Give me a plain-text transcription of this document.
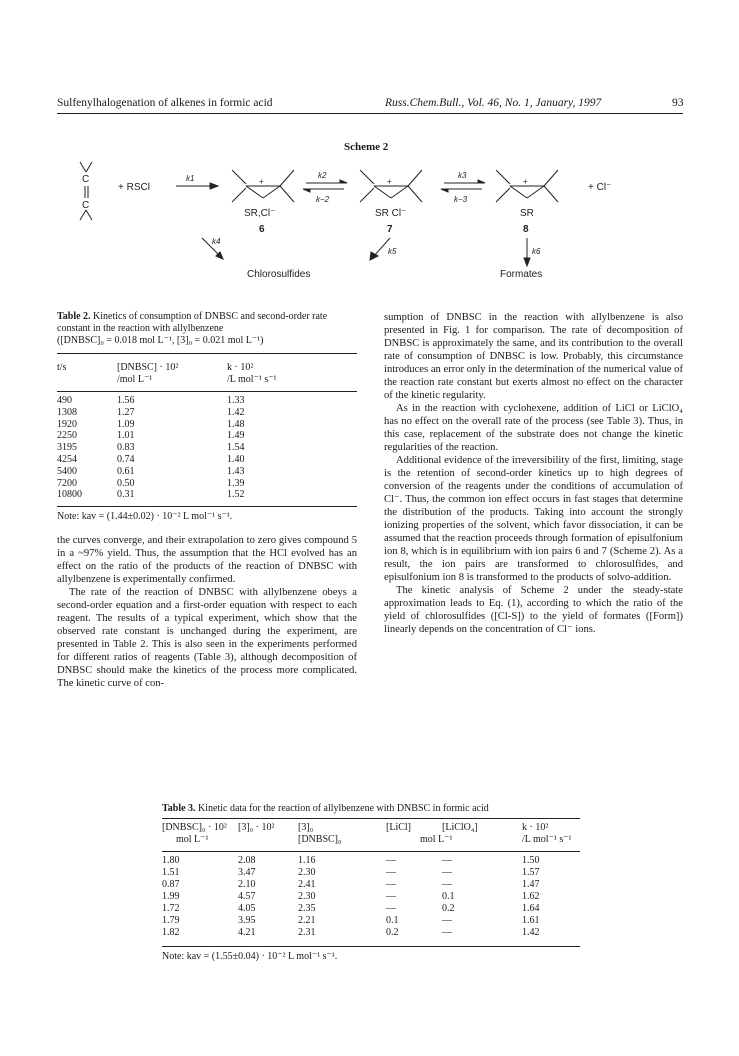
Sulfenylhalogenation of alkenes in formic acid	Russ.Chem.Bull., Vol. 46, No. 1, January, 1997	93
Scheme 2
C
C
+ RSCl
k1	+
SR,Cl⁻
6
k2
k−2
+
SR Cl⁻
7
k3
k−3
+
SR
8
+ Cl⁻
k4
k5	k6
Chlorosulfides	Formates
Table 2. Kinetics of consumption of DNBSC and second-order rate constant in the reaction with allylbenzene
([DNBSC]₀ = 0.018 mol L⁻¹, [3]₀ = 0.021 mol L⁻¹)
t/s	[DNBSC] · 10²	k · 10²
	/mol L⁻¹	/L mol⁻¹ s⁻¹
490	1.56	1.33
1308	1.27	1.42
1920	1.09	1.48
2250	1.01	1.49
3195	0.83	1.54
4254	0.74	1.40
5400	0.61	1.43
7200	0.50	1.39
10800	0.31	1.52
Note: kav = (1.44±0.02) · 10⁻² L mol⁻¹ s⁻¹.

the curves converge, and their extrapolation to zero gives compound 5 in a ~97% yield. Thus, the assumption that the HCl evolved has an effect on the ratio of the products of the reaction of DNBSC with allylbenzene is experimentally confirmed.

The rate of the reaction of DNBSC with allylbenzene obeys a second-order equation and a first-order equation with respect to each reagent. The results of a typical experiment, which show that the observed rate constant is unchanged during the experiment, are presented in Table 2. This is also seen in the experiments performed for different ratios of reagents (Table 3), although decomposition of DNBSC should make the kinetics of the process more complicated. The kinetic curve of con-

sumption of DNBSC in the reaction with allylbenzene is also presented in Fig. 1 for comparison. The rate of decomposition of DNBSC is approximately the same, and its contribution to the overall rate of consumption of DNBSC is low. Probably, this circumstance introduces an error only in the determination of the numerical value of the reaction rate constant but exerts almost no effect on the character of the kinetic regularity.

As in the reaction with cyclohexene, addition of LiCl or LiClO₄ has no effect on the overall rate of the process (see Table 3). Thus, in this case, replacement of the substrate does not change the kinetic regularities of the reaction.

Additional evidence of the irreversibility of the first, limiting, stage is the retention of second-order kinetics up to high degrees of conversion of the reagents under the conditions of accumulation of Cl⁻. Thus, the common ion effect occurs in fast stages that determine the distribution of the products. Taking into account the strongly ionizing properties of the solvent, which favor dissociation, it can be assumed that the reaction proceeds through formation of episulfonium ion 8, which is in equilibrium with ion pairs 6 and 7 (Scheme 2). As a result, the ion pairs are transformed to chlorosulfides, and episulfonium ion 8 is transformed to the products of solvo-addition.

The kinetic analysis of Scheme 2 under the steady-state approximation leads to Eq. (1), according to which the ratio of the yield of chlorosulfides ([Cl-S]) to the yield of formates ([Form]) linearly depends on the concentration of Cl⁻ ions.

Table 3. Kinetic data for the reaction of allylbenzene with DNBSC in formic acid
[DNBSC]₀ · 10²	[3]₀ · 10²	[3]₀	[LiCl]	[LiClO₄]	k · 10²
mol L⁻¹		[DNBSC]₀	mol L⁻¹		/L mol⁻¹ s⁻¹
1.80	2.08	1.16	—	—	1.50
1.51	3.47	2.30	—	—	1.57
0.87	2.10	2.41	—	—	1.47
1.99	4.57	2.30	—	0.1	1.62
1.72	4.05	2.35	—	0.2	1.64
1.79	3.95	2.21	0.1	—	1.61
1.82	4.21	2.31	0.2	—	1.42
Note: kav = (1.55±0.04) · 10⁻² L mol⁻¹ s⁻¹.
